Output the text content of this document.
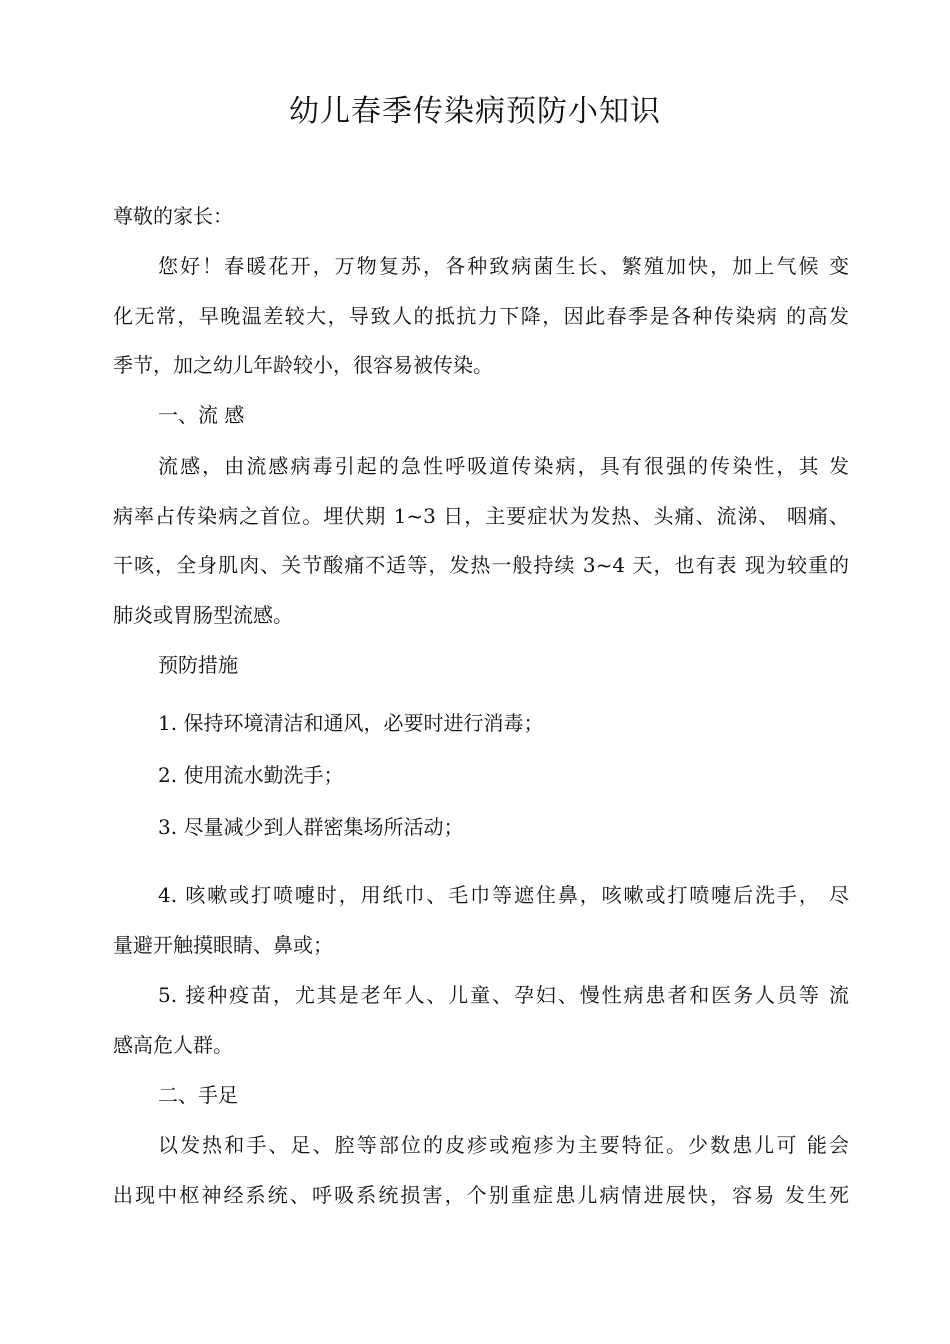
幼儿春季传染病预防小知识

尊敬的家长：

您好！春暖花开，万物复苏，各种致病菌生长、繁殖加快，加上气候 变

化无常，早晚温差较大，导致人的抵抗力下降，因此春季是各种传染病 的高发

季节，加之幼儿年龄较小，很容易被传染。

一、流 感

流感，由流感病毒引起的急性呼吸道传染病，具有很强的传染性，其 发

病率占传染病之首位。埋伏期 1~3 日，主要症状为发热、头痛、流涕、 咽痛、

干咳，全身肌肉、关节酸痛不适等，发热一般持续 3~4 天，也有表 现为较重的

肺炎或胃肠型流感。

预防措施

1. 保持环境清洁和通风，必要时进行消毒；

2. 使用流水勤洗手；

3. 尽量减少到人群密集场所活动；

4. 咳嗽或打喷嚏时，用纸巾、毛巾等遮住鼻，咳嗽或打喷嚏后洗手， 尽

量避开触摸眼睛、鼻或；

5. 接种疫苗，尤其是老年人、儿童、孕妇、慢性病患者和医务人员等 流

感高危人群。

二、手足

以发热和手、足、腔等部位的皮疹或疱疹为主要特征。少数患儿可 能会

出现中枢神经系统、呼吸系统损害，个别重症患儿病情进展快，容易 发生死
